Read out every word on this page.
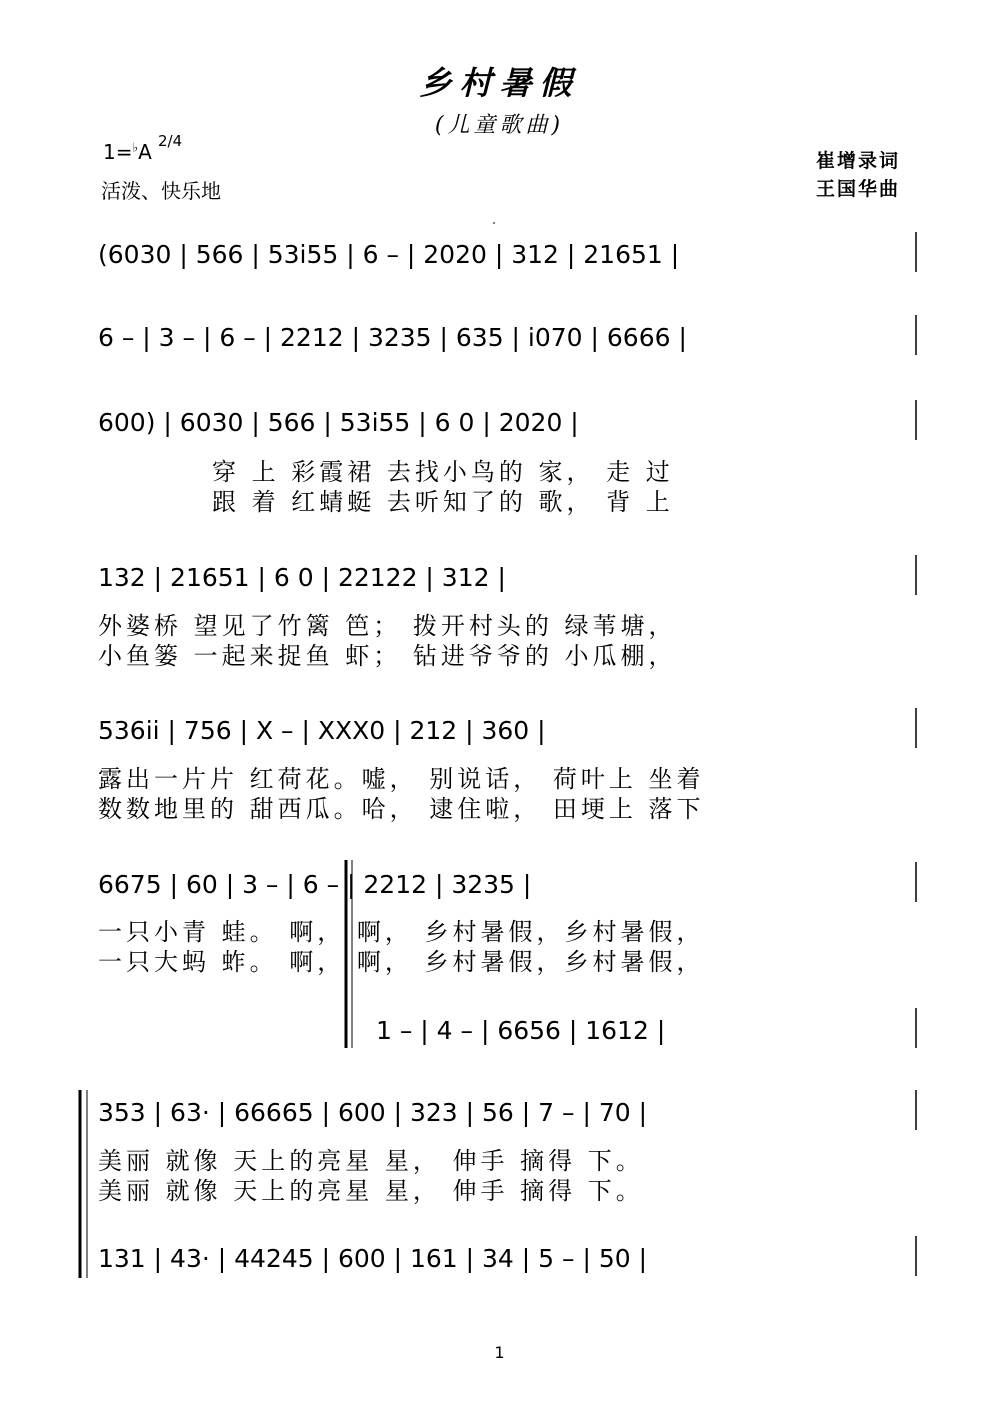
乡村暑假
(儿童歌曲)
1=♭A 2/4
活泼、快乐地
崔增录词
王国华曲
(6030 | 566 | 53i55 | 6 – | 2020 | 312 | 21651 |
6 – | 3 – | 6 – | 2212 | 3235 | 635 | i070 | 6666 |
600) | 6030 | 566 | 53i55 | 6 0 | 2020 |
穿 上 彩霞裙 去找小鸟的 家， 走 过
跟 着 红蜻蜓 去听知了的 歌， 背 上
132 | 21651 | 6 0 | 22122 | 312 |
外婆桥 望见了竹篱 笆； 拨开村头的 绿苇塘，
小鱼篓 一起来捉鱼 虾； 钻进爷爷的 小瓜棚，
536ii | 756 | X – | XXX0 | 212 | 360 |
露出一片片 红荷花。嘘， 别说话， 荷叶上 坐着
数数地里的 甜西瓜。哈， 逮住啦， 田埂上 落下
6675 | 60 | 3 – | 6 – | 2212 | 3235 |
一只小青 蛙。 啊， 啊， 乡村暑假，乡村暑假，
一只大蚂 蚱。 啊， 啊， 乡村暑假，乡村暑假，
1 – | 4 – | 6656 | 1612 |
353 | 63· | 66665 | 600 | 323 | 56 | 7 – | 70 |
美丽 就像 天上的亮星 星， 伸手 摘得 下。
美丽 就像 天上的亮星 星， 伸手 摘得 下。
131 | 43· | 44245 | 600 | 161 | 34 | 5 – | 50 |
1
